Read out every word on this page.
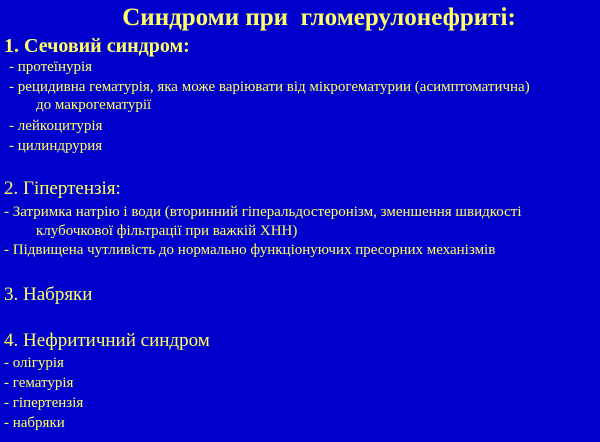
Синдроми при  гломерулонефриті:
1. Сечовий синдром:
- протеїнурія
- рецидивна гематурія, яка може варіювати від мікрогематурии (асимптоматична)
до макрогематурії
- лейкоцитурія
- цилиндрурия
2. Гіпертензія:
- Затримка натрію і води (вторинний гіперальдостеронізм, зменшення швидкості
клубочкової фільтрації при важкій ХНН)
- Підвищена чутливість до нормально функціонуючих пресорних механізмів
3. Набряки
4. Нефритичний синдром
- олігурія
- гематурія
- гіпертензія
- набряки
